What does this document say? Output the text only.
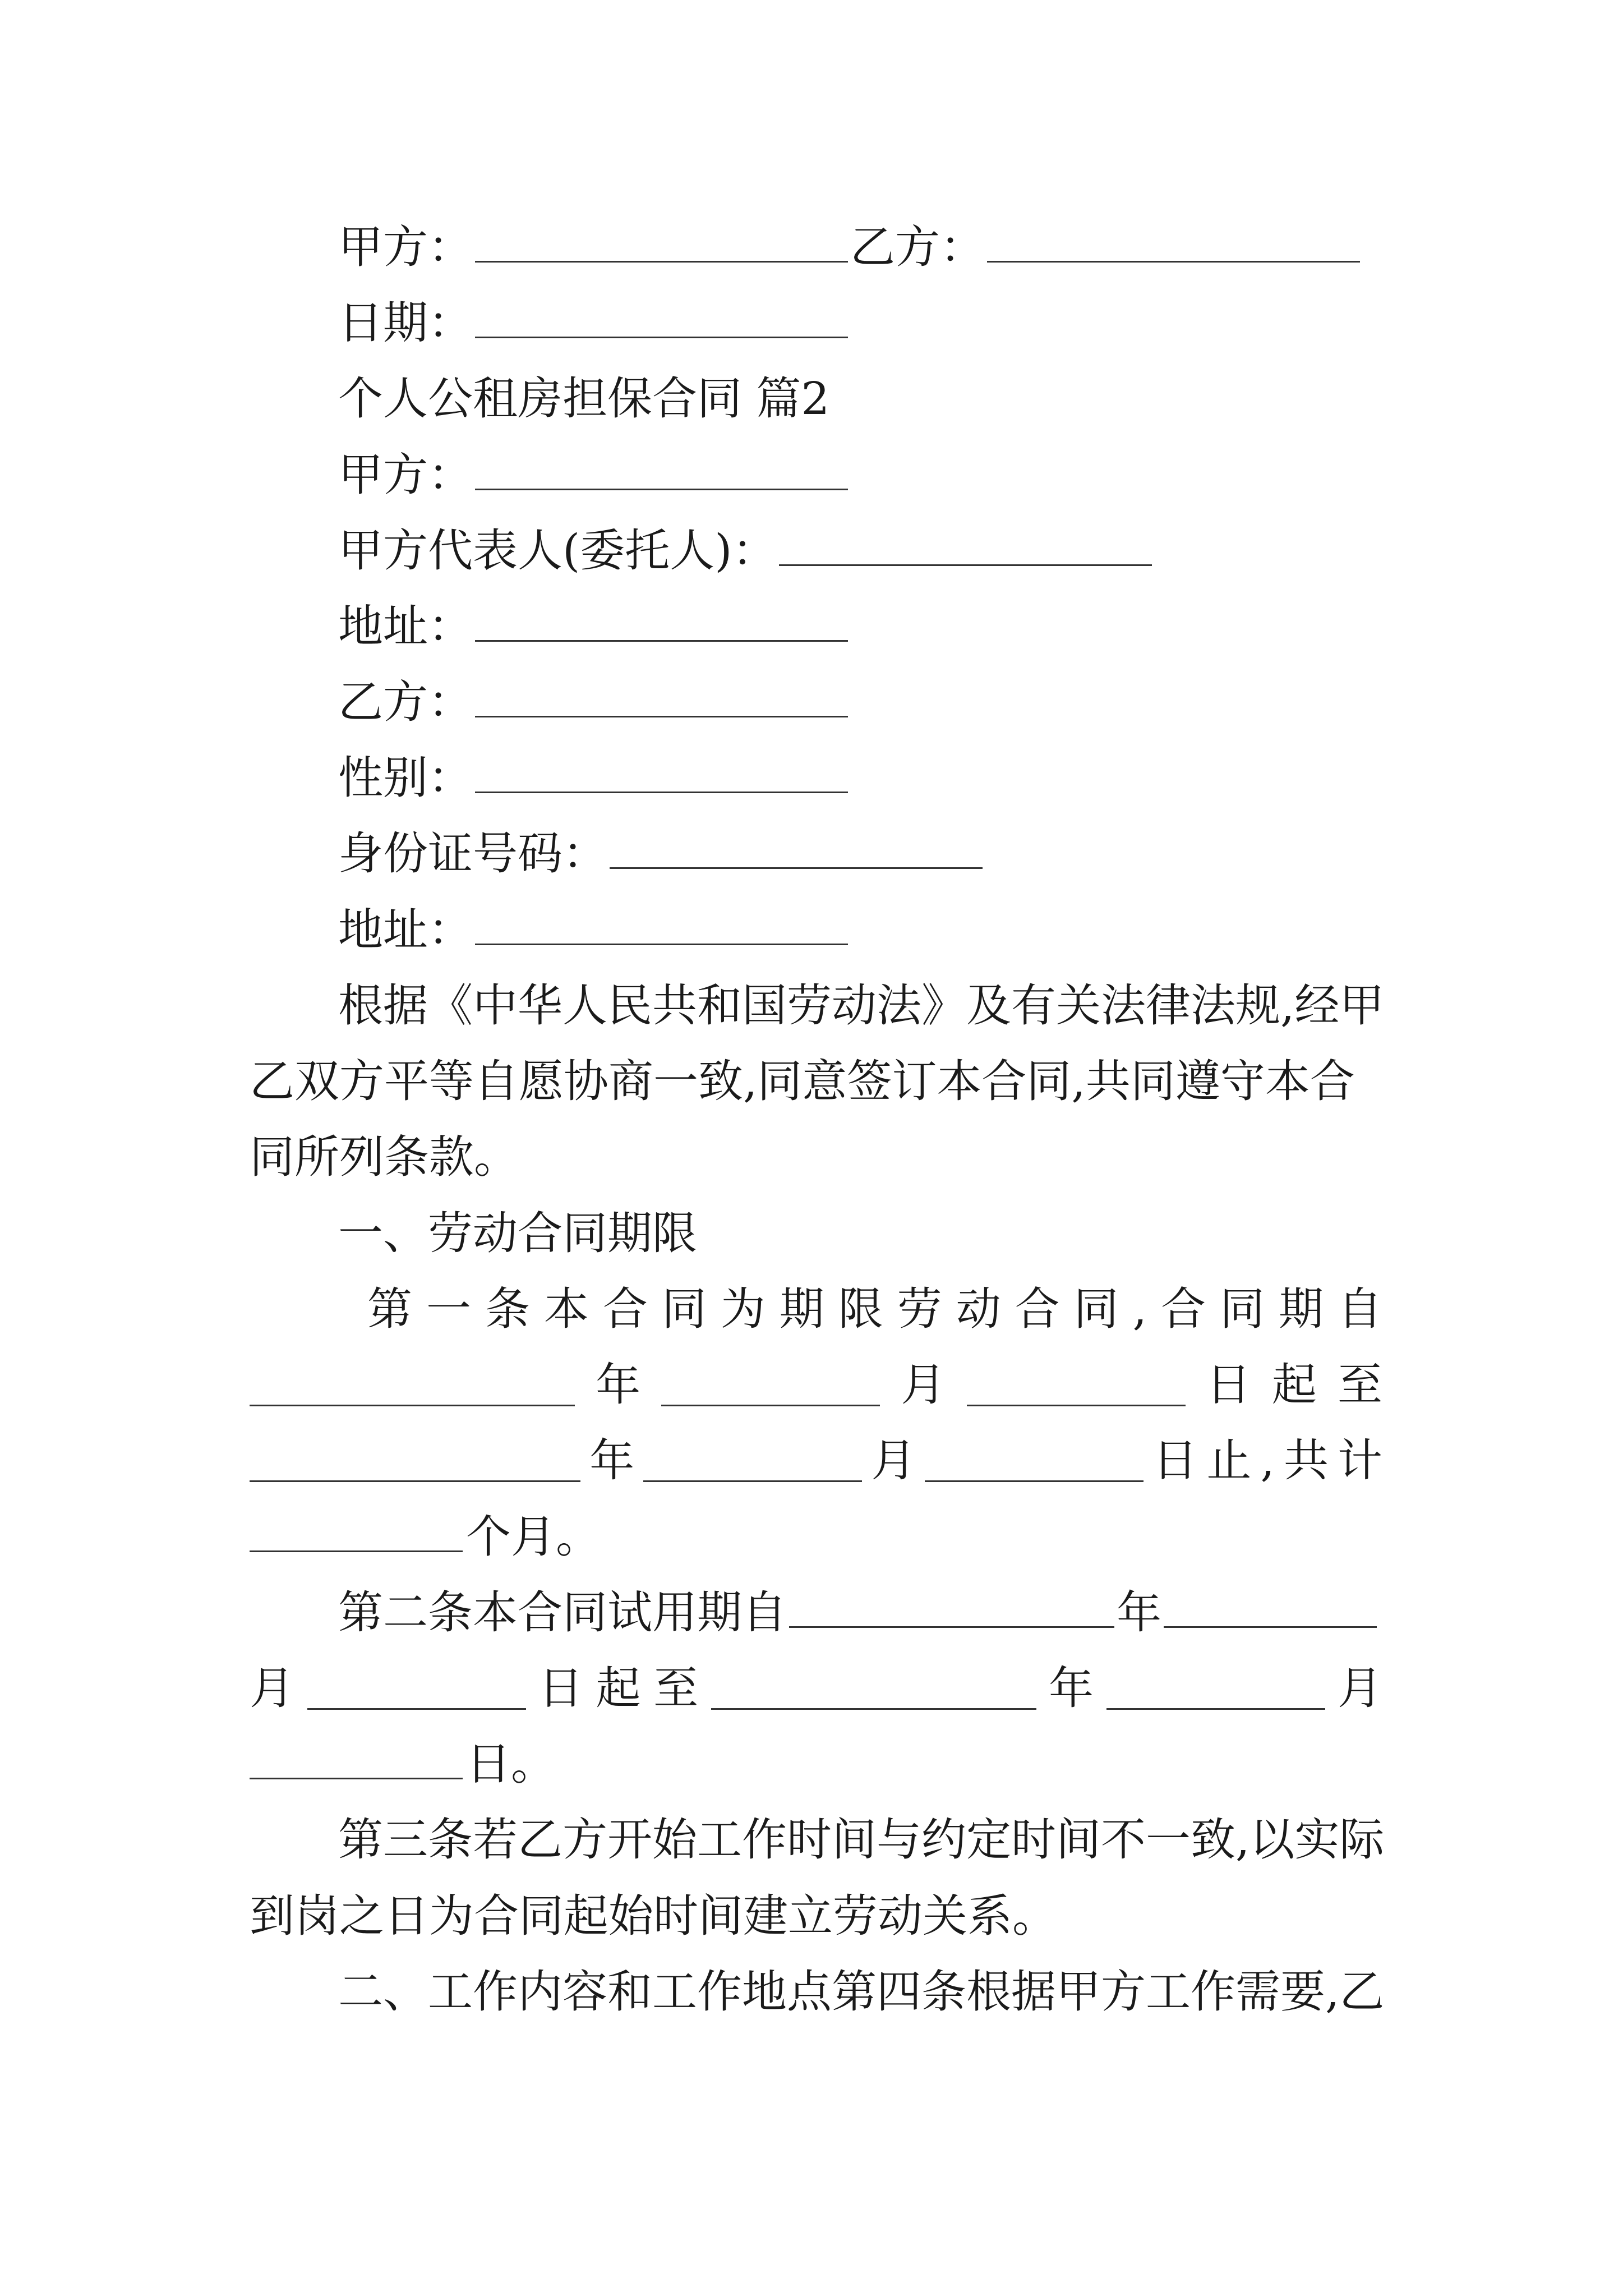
甲方：	乙方：
日期：
个人公租房担保合同 篇2
甲方：
甲方代表人(委托人)：
地址：
乙方：
性别：
身份证号码：
地址：
根据《中华人民共和国劳动法》及有关法律法规,经甲
乙双方平等自愿协商一致,同意签订本合同,共同遵守本合
同所列条款。
一、劳动合同期限
第 一 条 本 合 同 为 期 限 劳 动 合 同 , 合 同 期 自
年	月	日 起 至
年	月	日 止 , 共 计
个月。
第二条本合同试用期自	年
月	日 起 至	年	月
日。
第三条若乙方开始工作时间与约定时间不一致,以实际
到岗之日为合同起始时间建立劳动关系。
二、工作内容和工作地点第四条根据甲方工作需要,乙
